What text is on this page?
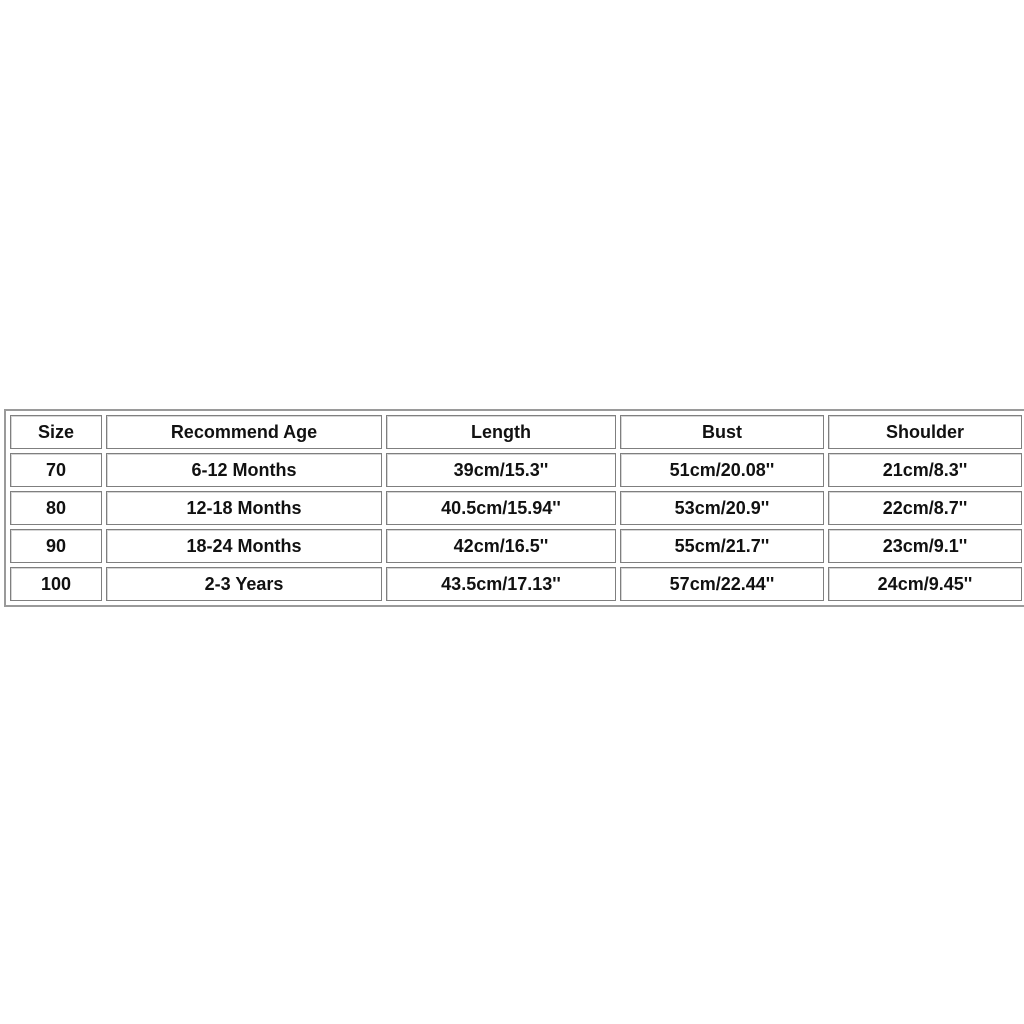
Size	Recommend Age	Length	Bust	Shoulder
70	6-12 Months	39cm/15.3''	51cm/20.08''	21cm/8.3''
80	12-18 Months	40.5cm/15.94''	53cm/20.9''	22cm/8.7''
90	18-24 Months	42cm/16.5''	55cm/21.7''	23cm/9.1''
100	2-3 Years	43.5cm/17.13''	57cm/22.44''	24cm/9.45''
